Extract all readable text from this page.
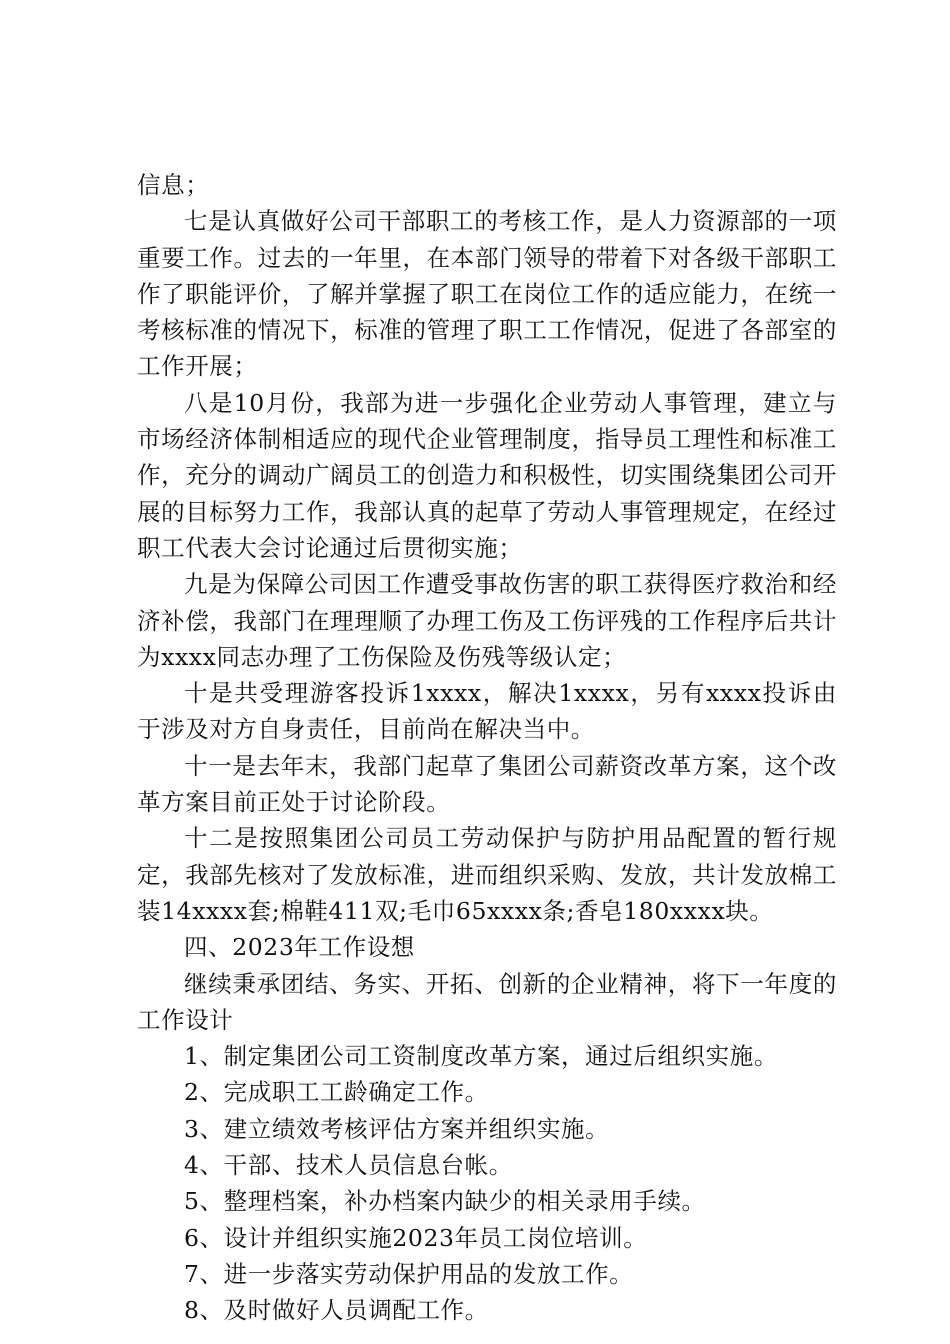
信息；

七是认真做好公司干部职工的考核工作，是人力资源部的一项重要工作。过去的一年里，在本部门领导的带着下对各级干部职工作了职能评价，了解并掌握了职工在岗位工作的适应能力，在统一考核标准的情况下，标准的管理了职工工作情况，促进了各部室的工作开展；

八是10月份，我部为进一步强化企业劳动人事管理，建立与市场经济体制相适应的现代企业管理制度，指导员工理性和标准工作，充分的调动广阔员工的创造力和积极性，切实围绕集团公司开展的目标努力工作，我部认真的起草了劳动人事管理规定，在经过职工代表大会讨论通过后贯彻实施；

九是为保障公司因工作遭受事故伤害的职工获得医疗救治和经济补偿，我部门在理理顺了办理工伤及工伤评残的工作程序后共计为xxxx同志办理了工伤保险及伤残等级认定；

十是共受理游客投诉1xxxx，解决1xxxx，另有xxxx投诉由于涉及对方自身责任，目前尚在解决当中。

十一是去年末，我部门起草了集团公司薪资改革方案，这个改革方案目前正处于讨论阶段。

十二是按照集团公司员工劳动保护与防护用品配置的暂行规定，我部先核对了发放标准，进而组织采购、发放，共计发放棉工装14xxxx套;棉鞋411双;毛巾65xxxx条;香皂180xxxx块。

四、2023年工作设想

继续秉承团结、务实、开拓、创新的企业精神，将下一年度的工作设计

1、制定集团公司工资制度改革方案，通过后组织实施。

2、完成职工工龄确定工作。

3、建立绩效考核评估方案并组织实施。

4、干部、技术人员信息台帐。

5、整理档案，补办档案内缺少的相关录用手续。

6、设计并组织实施2023年员工岗位培训。

7、进一步落实劳动保护用品的发放工作。

8、及时做好人员调配工作。
